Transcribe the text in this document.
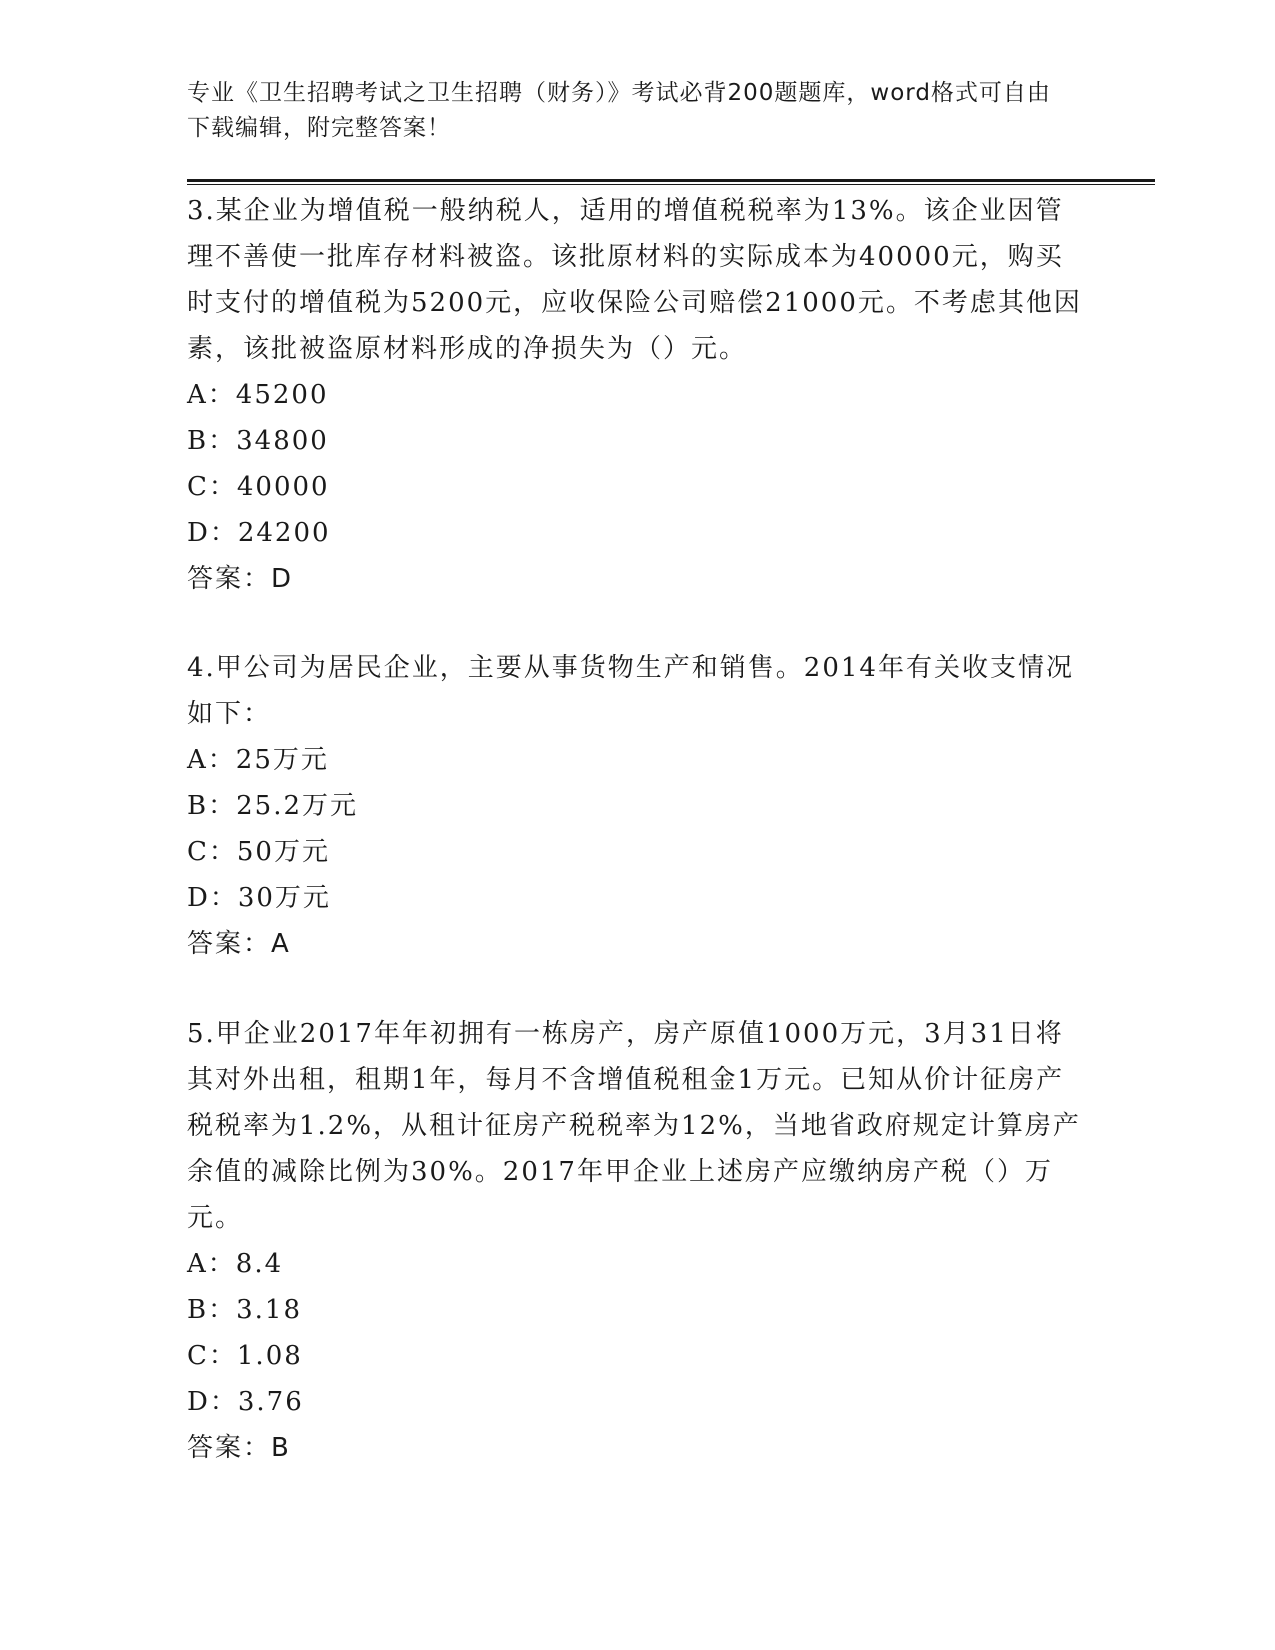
专业《卫生招聘考试之卫生招聘（财务）》考试必背200题题库，word格式可自由下载编辑，附完整答案！

3.某企业为增值税一般纳税人，适用的增值税税率为13%。该企业因管理不善使一批库存材料被盗。该批原材料的实际成本为40000元，购买时支付的增值税为5200元，应收保险公司赔偿21000元。不考虑其他因素，该批被盗原材料形成的净损失为（）元。

A：45200
B：34800
C：40000
D：24200
答案：D

4.甲公司为居民企业，主要从事货物生产和销售。2014年有关收支情况如下：

A：25万元
B：25.2万元
C：50万元
D：30万元
答案：A

5.甲企业2017年年初拥有一栋房产，房产原值1000万元，3月31日将其对外出租，租期1年，每月不含增值税租金1万元。已知从价计征房产税税率为1.2%，从租计征房产税税率为12%，当地省政府规定计算房产余值的减除比例为30%。2017年甲企业上述房产应缴纳房产税（）万元。

A：8.4
B：3.18
C：1.08
D：3.76
答案：B
